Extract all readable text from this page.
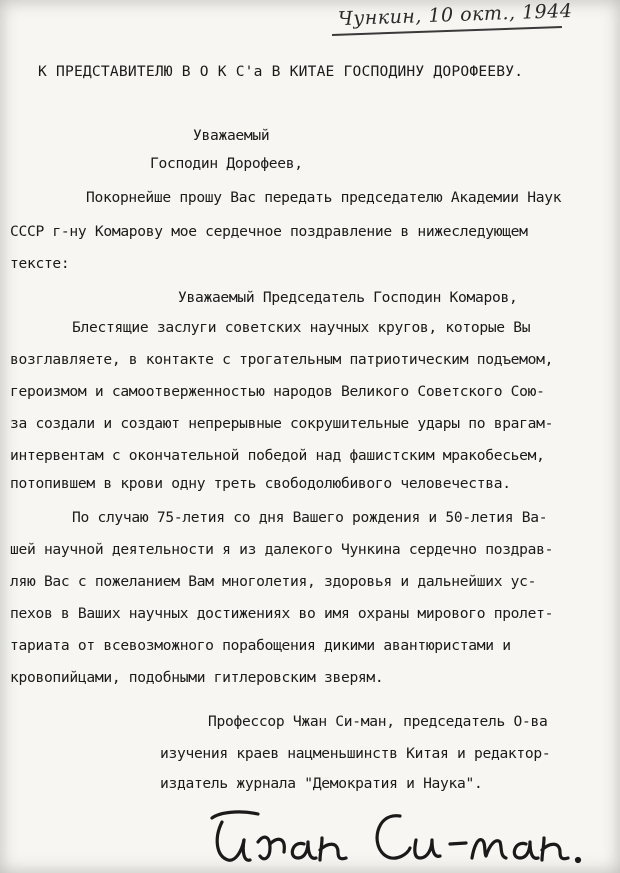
Чункин, 10 окт., 1944
К ПРЕДСТАВИТЕЛЮ В О К С'а В КИТАЕ ГОСПОДИНУ ДОРОФЕЕВУ.
Уважаемый
Господин Дорофеев,
Покорнейше прошу Вас передать председателю Академии Наук
СССР г-ну Комарову мое сердечное поздравление в нижеследующем
тексте:
Уважаемый Председатель Господин Комаров,
Блестящие заслуги советских научных кругов, которые Вы
возглавляете, в контакте с трогательным патриотическим подъемом,
героизмом и самоотверженностью народов Великого Советского Сою-
за создали и создают непрерывные сокрушительные удары по врагам-
интервентам с окончательной победой над фашистским мракобесьем,
потопившем в крови одну треть свободолюбивого человечества.
По случаю 75-летия со дня Вашего рождения и 50-летия Ва-
шей научной деятельности я из далекого Чункина сердечно поздрав-
ляю Вас с пожеланием Вам многолетия, здоровья и дальнейших ус-
пехов в Ваших научных достижениях во имя охраны мирового пролет-
тариата от всевозможного порабощения дикими авантюристами и
кровопийцами, подобными гитлеровским зверям.
Профессор Чжан Си-ман, председатель О-ва
изучения краев нацменьшинств Китая и редактор-
издатель журнала "Демократия и Наука".
